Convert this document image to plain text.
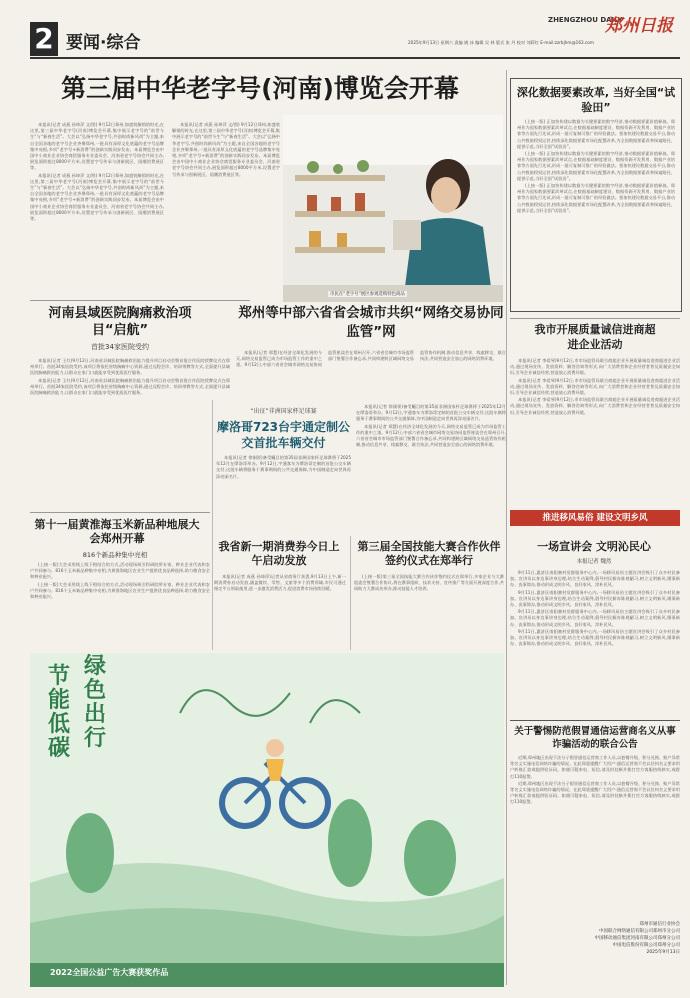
2 要闻·综合
ZHENGZHOU DAILY
郑州日报
2025年9月13日 星期六 责编 姚 冰 编辑 吴 林 版式 张 丹 校对 刘莉红 E-mail:zzrbjhm@163.com
第三届中华老字号(河南)博览会开幕

本报讯(记者 成燕 孙坤萍 文/图) 9月12日郑州,如盛装解锁的时光,在这里,第三届中华老字号(河南)博览会开幕,集中展示老字号的“前世今生”与“新春生活”。大会以“弘扬中华老字号,共创时尚新风尚”为主题,来自全国各地的老字号企业齐聚郑州,一批具有深厚文化底蕴的老字号品牌集中亮相,多项“老字号+新消费”的创新实践同步发布。本届博览会由中国中小商业企业协会商贸服务专业委员会、河南省老字号协会共同主办,展览面积超过8000平方米,设置老字号传承与创新展区、国潮消费展区等。

本报讯(记者 成燕 孙坤萍 文/图) 9月12日郑州,如盛装解锁的时光,在这里,第三届中华老字号(河南)博览会开幕,集中展示老字号的“前世今生”与“新春生活”。大会以“弘扬中华老字号,共创时尚新风尚”为主题,来自全国各地的老字号企业齐聚郑州,一批具有深厚文化底蕴的老字号品牌集中亮相,多项“老字号+新消费”的创新实践同步发布。本届博览会由中国中小商业企业协会商贸服务专业委员会、河南省老字号协会共同主办,展览面积超过8000平方米,设置老字号传承与创新展区、国潮消费展区等。

本报讯(记者 成燕 孙坤萍 文/图) 9月12日郑州,如盛装解锁的时光,在这里,第三届中华老字号(河南)博览会开幕,集中展示老字号的“前世今生”与“新春生活”。大会以“弘扬中华老字号,共创时尚新风尚”为主题,来自全国各地的老字号企业齐聚郑州,一批具有深厚文化底蕴的老字号品牌集中亮相,多项“老字号+新消费”的创新实践同步发布。本届博览会由中国中小商业企业协会商贸服务专业委员会、河南省老字号协会共同主办,展览面积超过8000平方米,设置老字号传承与创新展区、国潮消费展区等。

市民在“老字号”展区参观选购特色商品
深化数据要素改革, 当好全国“试验田”

(上接一版) 正加快构建以数据为关键要素的数字经济,推动数据要素价值释放。郑州作为国家数据要素改革试点,在数据基础制度建设、数据资源开发利用、数据产业培育等方面先行先试,形成一批可复制可推广的经验做法。要加快建设数据交易平台,推动公共数据授权运营,持续深化数据要素市场化配置改革,为全国数据要素改革探索路径、提供示范,当好全国“试验田”。

(上接一版) 正加快构建以数据为关键要素的数字经济,推动数据要素价值释放。郑州作为国家数据要素改革试点,在数据基础制度建设、数据资源开发利用、数据产业培育等方面先行先试,形成一批可复制可推广的经验做法。要加快建设数据交易平台,推动公共数据授权运营,持续深化数据要素市场化配置改革,为全国数据要素改革探索路径、提供示范,当好全国“试验田”。

(上接一版) 正加快构建以数据为关键要素的数字经济,推动数据要素价值释放。郑州作为国家数据要素改革试点,在数据基础制度建设、数据资源开发利用、数据产业培育等方面先行先试,形成一批可复制可推广的经验做法。要加快建设数据交易平台,推动公共数据授权运营,持续深化数据要素市场化配置改革,为全国数据要素改革探索路径、提供示范,当好全国“试验田”。

河南县域医院胸痛救治项目“启航”
首批34家医院受约

本报讯(记者 王红)9月12日,河南省县域医院胸痛救治能力提升项目启动会暨首批合作医院授牌仪式在郑州举行。首批34家医院受约,该项目将依托省级胸痛中心资源,通过远程会诊、培训带教等方式,全面提升县域医院胸痛救治能力,让群众在家门口就能享受到优质医疗服务。

本报讯(记者 王红)9月12日,河南省县域医院胸痛救治能力提升项目启动会暨首批合作医院授牌仪式在郑州举行。首批34家医院受约,该项目将依托省级胸痛中心资源,通过远程会诊、培训带教等方式,全面提升县域医院胸痛救治能力,让群众在家门口就能享受到优质医疗服务。

郑州等中部六省省会城市共织“网络交易协同监管”网

本报讯(记者 郑慧)在经济全球化发展的今天,网络交易监管已成为市场监管工作的重中之重。9月12日,中部六省省会城市网络交易协同监管座谈会在郑州召开,六省省会城市市场监管部门签署合作备忘录,共同构建跨区域网络交易监管协作机制,推动信息共享、线索移交、联合执法,共同营造安全放心的网络消费环境。

“出征”非洲国家杯足球赛
摩洛哥723台宇通定制公交首批车辆交付

本报讯(记者 徐刚领)备受瞩目的第35届非洲国家杯足球赛将于2025年12月在摩洛哥举办。9月12日,宇通客车为摩洛哥定制的首批公交车辆交付,这批车辆将服务于赛事期间的公共交通保障,为中国制造走向世界再添亮丽名片。

本报讯(记者 徐刚领)备受瞩目的第35届非洲国家杯足球赛将于2025年12月在摩洛哥举办。9月12日,宇通客车为摩洛哥定制的首批公交车辆交付,这批车辆将服务于赛事期间的公共交通保障,为中国制造走向世界再添亮丽名片。

本报讯(记者 郑慧)在经济全球化发展的今天,网络交易监管已成为市场监管工作的重中之重。9月12日,中部六省省会城市网络交易协同监管座谈会在郑州召开,六省省会城市市场监管部门签署合作备忘录,共同构建跨区域网络交易监管协作机制,推动信息共享、线索移交、联合执法,共同营造安全放心的网络消费环境。

我市开展质量诚信进商超进企业活动

本报讯(记者 李爱琴)9月12日,市市场监管局联合商超企业开展质量诚信进商超进企业活动,通过现场宣传、发放资料、解答咨询等形式,向广大消费者和企业经营者普及质量安全知识,引导企业诚信经营,营造放心消费环境。

本报讯(记者 李爱琴)9月12日,市市场监管局联合商超企业开展质量诚信进商超进企业活动,通过现场宣传、发放资料、解答咨询等形式,向广大消费者和企业经营者普及质量安全知识,引导企业诚信经营,营造放心消费环境。

本报讯(记者 李爱琴)9月12日,市市场监管局联合商超企业开展质量诚信进商超进企业活动,通过现场宣传、发放资料、解答咨询等形式,向广大消费者和企业经营者普及质量安全知识,引导企业诚信经营,营造放心消费环境。

第十一届黄淮海玉米新品种地展大会郑州开幕
816个新品种集中亮相

(上接一版)大会采用线上线下相结合的方式,活动现场吸引科研院所专家、种业企业代表和农户共同参与。816个玉米新品种集中亮相,为黄淮海地区农业生产提供优良品种选择,助力粮食安全和种业振兴。

(上接一版)大会采用线上线下相结合的方式,活动现场吸引科研院所专家、种业企业代表和农户共同参与。816个玉米新品种集中亮相,为黄淮海地区农业生产提供优良品种选择,助力粮食安全和种业振兴。

我省新一期消费券今日上午启动发放

本报讯(记者 成燕 孙坤萍)记者从省商务厅获悉,9月13日上午,新一期消费券启动发放,涵盖餐饮、零售、文旅等多个消费领域,市民可通过指定平台领取使用,进一步激发消费活力,促进消费市场持续回暖。

第三届全国技能大赛合作伙伴签约仪式在郑举行

(上接一版)第三届全国技能大赛合作伙伴签约仪式在郑举行,多家企业与大赛组委会签署合作协议,将在赛事组织、技术支持、宣传推广等方面开展深度合作,共同助力大赛成功举办,推动技能人才培养。

推进移风易俗 建设文明乡风
一场宣讲会 文明沁民心
本报记者 魏然

9月11日,惠济区南阳寨村党群服务中心内,一场移风易俗主题宣讲会吸引了众多村民参加。宣讲员以身边事讲身边理,结合生动案例,倡导村民摒弃陈规陋习,树立文明新风,婚事新办、丧事简办,推动形成文明乡风、良好家风、淳朴民风。

9月11日,惠济区南阳寨村党群服务中心内,一场移风易俗主题宣讲会吸引了众多村民参加。宣讲员以身边事讲身边理,结合生动案例,倡导村民摒弃陈规陋习,树立文明新风,婚事新办、丧事简办,推动形成文明乡风、良好家风、淳朴民风。

9月11日,惠济区南阳寨村党群服务中心内,一场移风易俗主题宣讲会吸引了众多村民参加。宣讲员以身边事讲身边理,结合生动案例,倡导村民摒弃陈规陋习,树立文明新风,婚事新办、丧事简办,推动形成文明乡风、良好家风、淳朴民风。

9月11日,惠济区南阳寨村党群服务中心内,一场移风易俗主题宣讲会吸引了众多村民参加。宣讲员以身边事讲身边理,结合生动案例,倡导村民摒弃陈规陋习,树立文明新风,婚事新办、丧事简办,推动形成文明乡风、良好家风、淳朴民风。

节能低碳
绿色出行
2022全国公益广告大赛获奖作品
关于警惕防范假冒通信运营商名义从事诈骗活动的联合公告

近期,郑州地区出现不法分子假冒通信运营商工作人员,以套餐升级、积分兑换、账户异常等名义实施电信网络诈骗的情况。在此郑重提醒广大用户:通信运营商不会以任何名义要求用户转账汇款或提供验证码。如遇可疑来电、短信,请及时挂断并拨打官方客服热线核实,或拨打110报警。

近期,郑州地区出现不法分子假冒通信运营商工作人员,以套餐升级、积分兑换、账户异常等名义实施电信网络诈骗的情况。在此郑重提醒广大用户:通信运营商不会以任何名义要求用户转账汇款或提供验证码。如遇可疑来电、短信,请及时挂断并拨打官方客服热线核实,或拨打110报警。

郑州市通信行业协会
中国联合网络通信有限公司郑州市分公司
中国移动通信集团河南有限公司郑州分公司
中国电信股份有限公司郑州分公司
2025年9月13日
